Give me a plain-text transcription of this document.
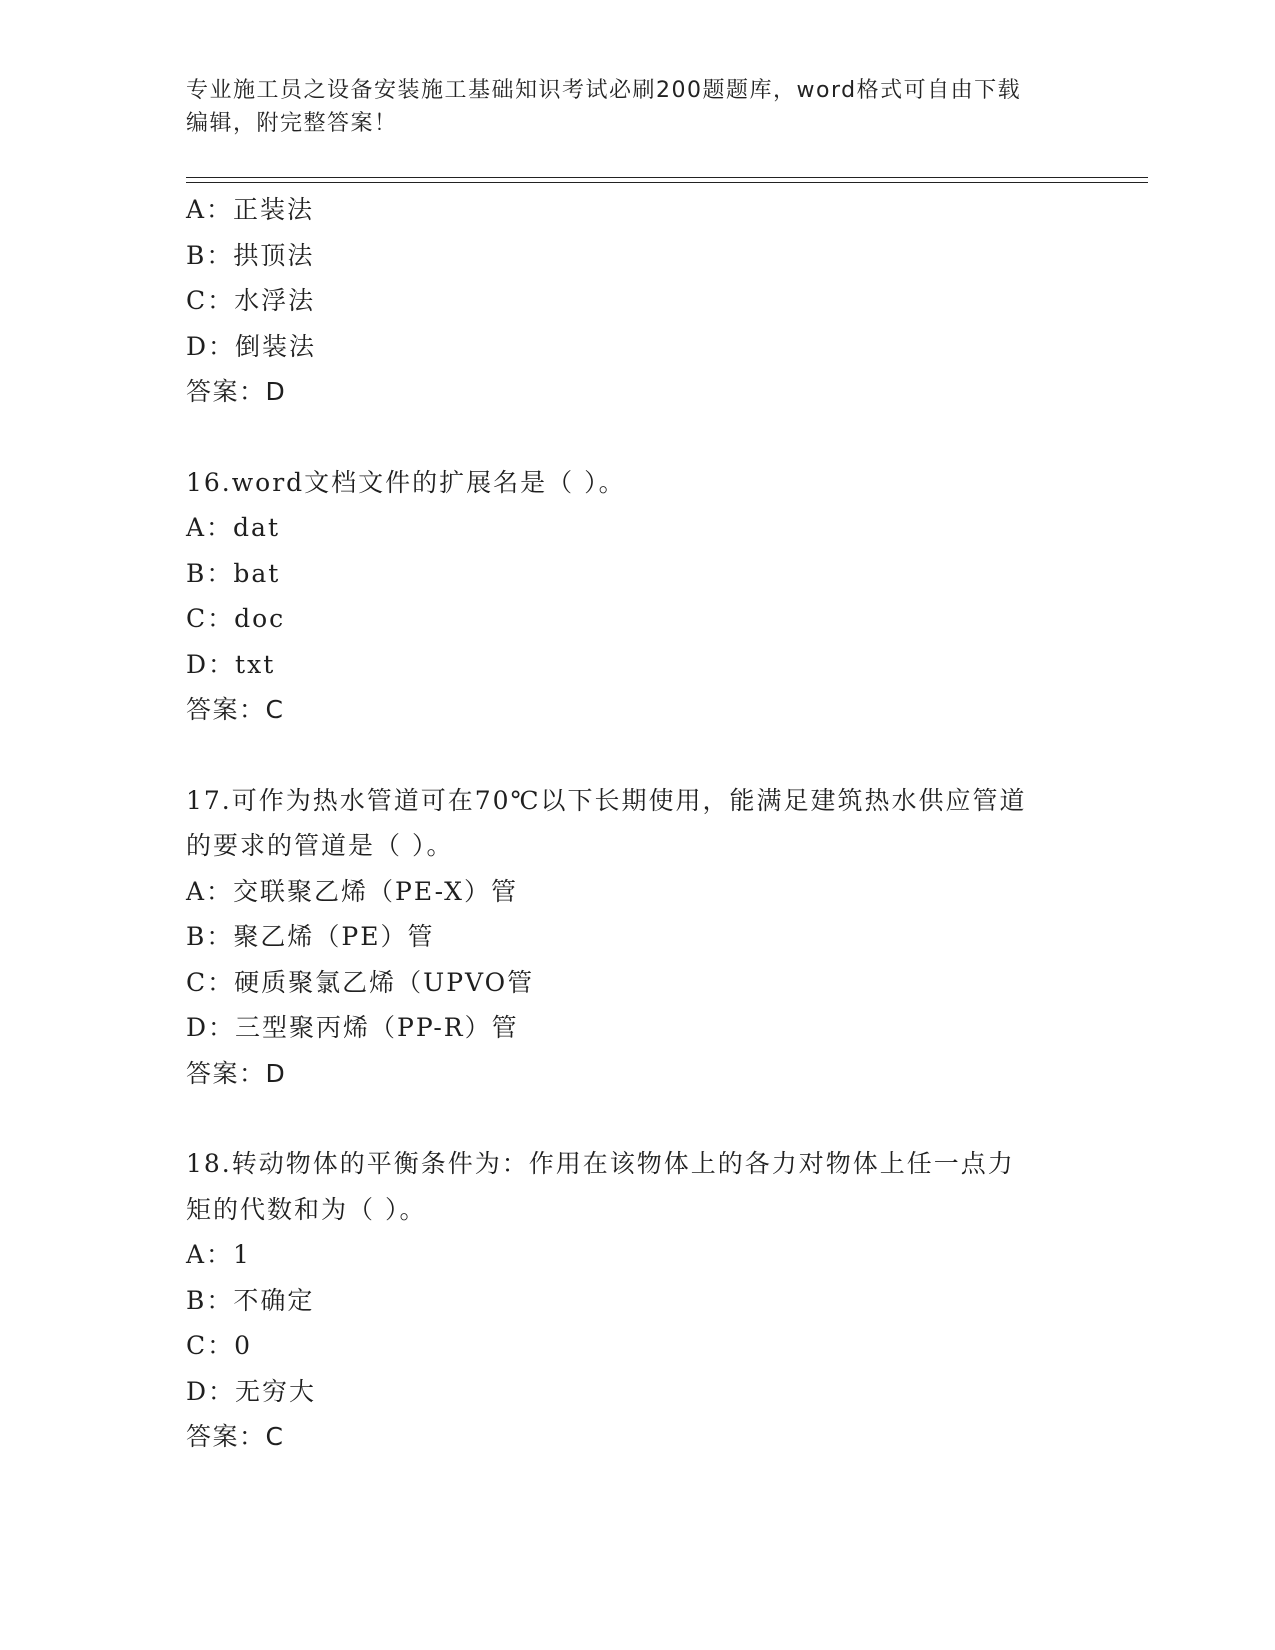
专业施工员之设备安装施工基础知识考试必刷200题题库，word格式可自由下载
编辑，附完整答案！
A：正装法
B：拱顶法
C：水浮法
D：倒装法
答案：D
16.word文档文件的扩展名是（ ）。
A：dat
B：bat
C：doc
D：txt
答案：C
17.可作为热水管道可在70℃以下长期使用，能满足建筑热水供应管道
的要求的管道是（ ）。
A：交联聚乙烯（PE-X）管
B：聚乙烯（PE）管
C：硬质聚氯乙烯（UPVO管
D：三型聚丙烯（PP-R）管
答案：D
18.转动物体的平衡条件为：作用在该物体上的各力对物体上任一点力
矩的代数和为（ ）。
A：1
B：不确定
C：0
D：无穷大
答案：C
